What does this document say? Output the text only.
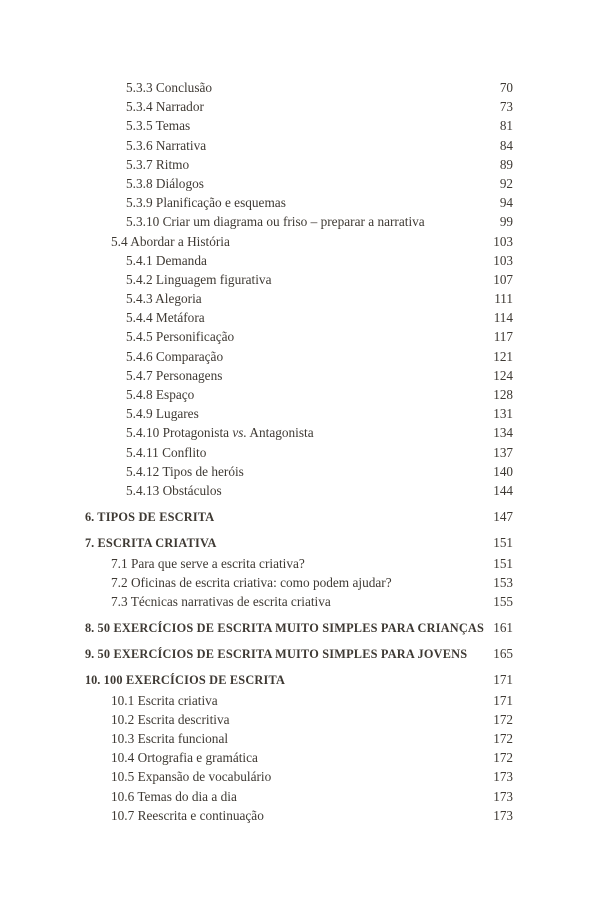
5.3.3 Conclusão	70
5.3.4 Narrador	73
5.3.5 Temas	81
5.3.6 Narrativa	84
5.3.7 Ritmo	89
5.3.8 Diálogos	92
5.3.9 Planificação e esquemas	94
5.3.10 Criar um diagrama ou friso – preparar a narrativa	99
5.4 Abordar a História	103
5.4.1 Demanda	103
5.4.2 Linguagem figurativa	107
5.4.3 Alegoria	111
5.4.4 Metáfora	114
5.4.5 Personificação	117
5.4.6 Comparação	121
5.4.7 Personagens	124
5.4.8 Espaço	128
5.4.9 Lugares	131
5.4.10 Protagonista vs. Antagonista	134
5.4.11 Conflito	137
5.4.12 Tipos de heróis	140
5.4.13 Obstáculos	144
6. TIPOS DE ESCRITA	147
7. ESCRITA CRIATIVA	151
7.1 Para que serve a escrita criativa?	151
7.2 Oficinas de escrita criativa: como podem ajudar?	153
7.3 Técnicas narrativas de escrita criativa	155
8. 50 EXERCÍCIOS DE ESCRITA MUITO SIMPLES PARA CRIANÇAS 161
9. 50 EXERCÍCIOS DE ESCRITA MUITO SIMPLES PARA JOVENS	165
10. 100 EXERCÍCIOS DE ESCRITA	171
10.1 Escrita criativa	171
10.2 Escrita descritiva	172
10.3 Escrita funcional	172
10.4 Ortografia e gramática	172
10.5 Expansão de vocabulário	173
10.6 Temas do dia a dia	173
10.7 Reescrita e continuação	173
